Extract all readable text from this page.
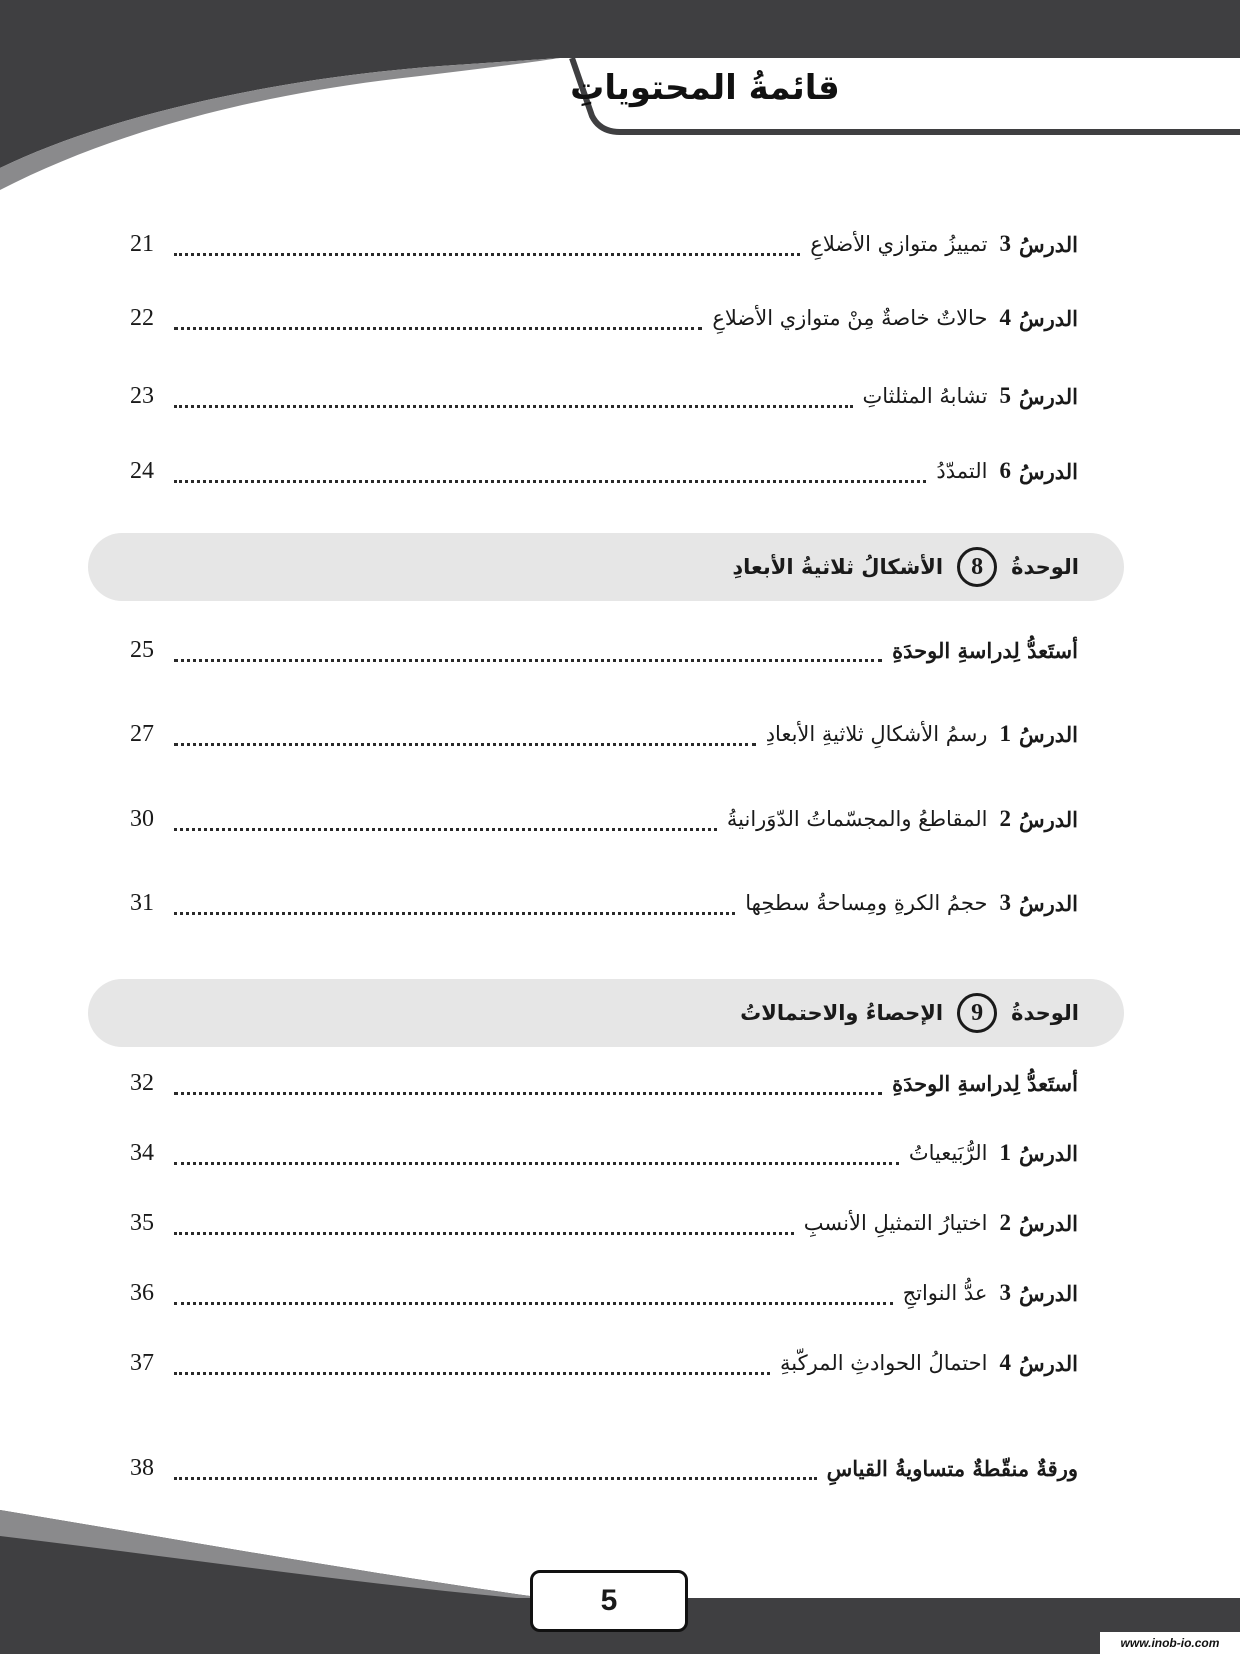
قائمةُ المحتوياتِ
الدرسُ
3
تمييزُ متوازي الأضلاعِ
21
الدرسُ
4
حالاتٌ خاصةٌ مِنْ متوازي الأضلاعِ
22
الدرسُ
5
تشابهُ المثلثاتِ
23
الدرسُ
6
التمدّدُ
24
الوحدةُ
8
الأشكالُ ثلاثيةُ الأبعادِ
أستَعدُّ لِدراسةِ الوحدَةِ
25
الدرسُ
1
رسمُ الأشكالِ ثلاثيةِ الأبعادِ
27
الدرسُ
2
المقاطعُ والمجسّماتُ الدّوَرانيةُ
30
الدرسُ
3
حجمُ الكرةِ ومِساحةُ سطحِها
31
الوحدةُ
9
الإحصاءُ والاحتمالاتُ
أستَعدُّ لِدراسةِ الوحدَةِ
32
الدرسُ
1
الرُّبَيعياتُ
34
الدرسُ
2
اختيارُ التمثيلِ الأنسبِ
35
الدرسُ
3
عدُّ النواتجِ
36
الدرسُ
4
احتمالُ الحوادثِ المركّبةِ
37
ورقةٌ منقّطةٌ متساويةُ القياسِ
38
5
www.inob-io.com
